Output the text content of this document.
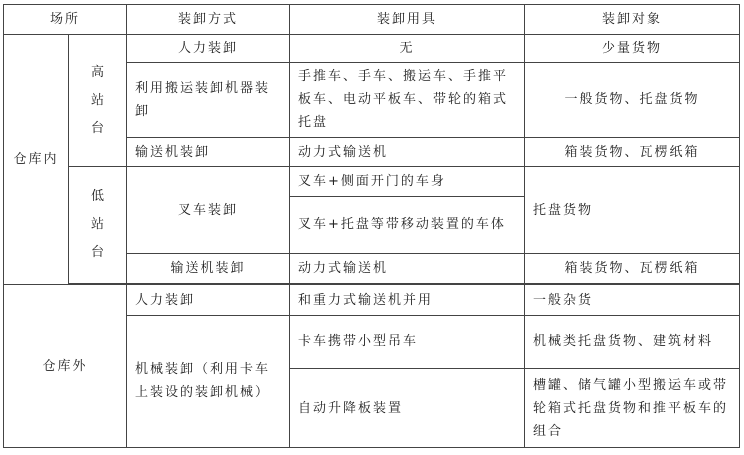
场所		装卸方式	装卸用具	装卸对象
仓库内	高站台	人力装卸	无	少量货物
		利用搬运装卸机器装卸	手推车、手车、搬运车、手推平板车、电动平板车、带轮的箱式托盘	一般货物、托盘货物
		输送机装卸	动力式输送机	箱装货物、瓦楞纸箱

	低站台	叉车装卸	叉车+侧面开门的车身	托盘货物
			叉车+托盘等带移动装置的车体	
		输送机装卸	动力式输送机	箱装货物、瓦楞纸箱

仓库外		人力装卸	和重力式输送机并用	一般杂货
		机械装卸（利用卡车上装设的装卸机械）	卡车携带小型吊车	机械类托盘货物、建筑材料
			自动升降板装置	槽罐、储气罐小型搬运车或带轮箱式托盘货物和推平板车的组合
